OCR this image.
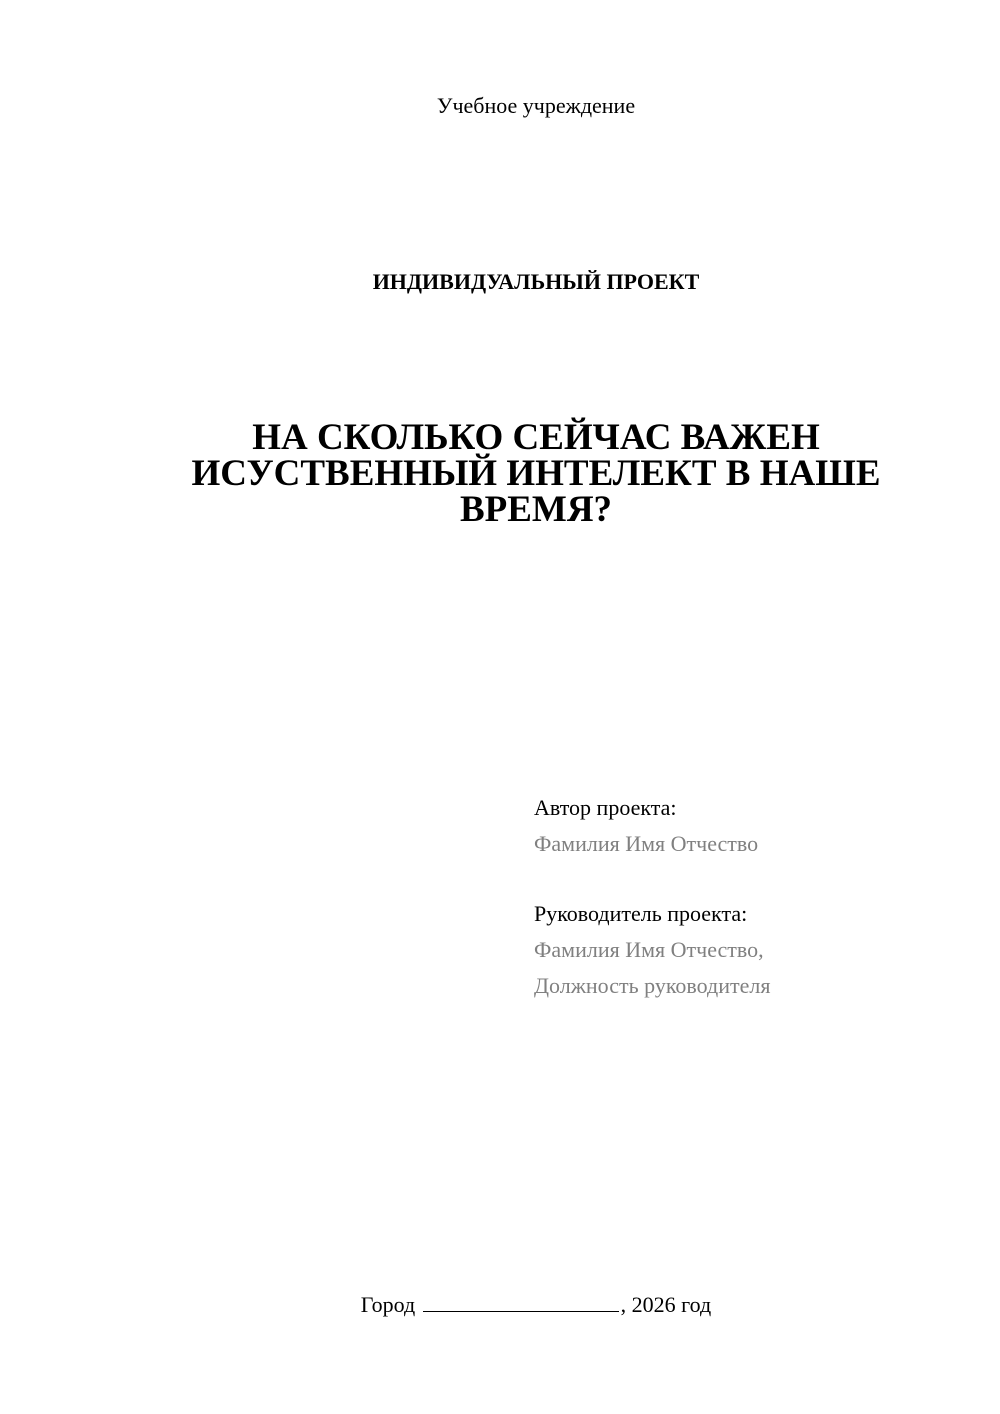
Учебное учреждение
ИНДИВИДУАЛЬНЫЙ ПРОЕКТ
НА СКОЛЬКО СЕЙЧАС ВАЖЕН
ИСУСТВЕННЫЙ ИНТЕЛЕКТ В НАШЕ
ВРЕМЯ?
Автор проекта:
Фамилия Имя Отчество
Руководитель проекта:
Фамилия Имя Отчество,
Должность руководителя
Город	, 2026 год
